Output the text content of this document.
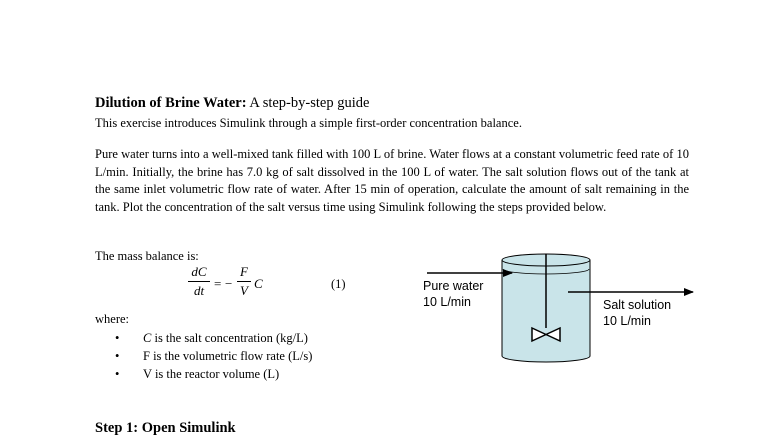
Dilution of Brine Water: A step-by-step guide
This exercise introduces Simulink through a simple first-order concentration balance.
Pure water turns into a well-mixed tank filled with 100 L of brine. Water flows at a constant volumetric feed rate of 10 L/min. Initially, the brine has 7.0 kg of salt dissolved in the 100 L of water. The salt solution flows out of the tank at the same inlet volumetric flow rate of water. After 15 min of operation, calculate the amount of salt remaining in the tank. Plot the concentration of the salt versus time using Simulink following the steps provided below.
The mass balance is:
dC
dt = −
F
V C	(1)
where:
• C is the salt concentration (kg/L)
• F is the volumetric flow rate (L/s)
• V is the reactor volume (L)
Pure water
10 L/min	Salt solution
10 L/min
Step 1: Open Simulink
